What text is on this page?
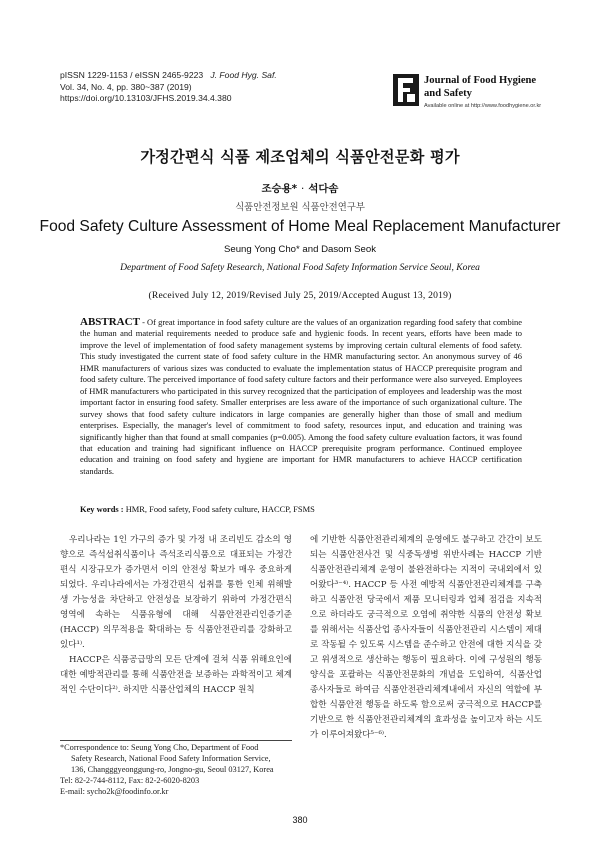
pISSN 1229-1153 / eISSN 2465-9223 J. Food Hyg. Saf.
Vol. 34, No. 4, pp. 380~387 (2019)
https://doi.org/10.13103/JFHS.2019.34.4.380
Journal of Food Hygiene
and Safety
Available online at http://www.foodhygiene.or.kr
가정간편식 식품 제조업체의 식품안전문화 평가
조승용* · 석다솜
식품안전정보원 식품안전연구부
Food Safety Culture Assessment of Home Meal Replacement Manufacturer
Seung Yong Cho* and Dasom Seok
Department of Food Safety Research, National Food Safety Information Service Seoul, Korea
(Received July 12, 2019/Revised July 25, 2019/Accepted August 13, 2019)
ABSTRACT - Of great importance in food safety culture are the values of an organization regarding food safety that combine the human and material requirements needed to produce safe and hygienic foods. In recent years, efforts have been made to improve the level of implementation of food safety management systems by improving certain cultural elements of food safety. This study investigated the current state of food safety culture in the HMR manufacturing sector. An anonymous survey of 46 HMR manufacturers of various sizes was conducted to evaluate the implementation status of HACCP prerequisite program and food safety culture. The perceived importance of food safety culture factors and their performance were also surveyed. Employees of HMR manufacturers who participated in this survey recognized that the participation of employees and leadership was the most important factor in ensuring food safety. Smaller enterprises are less aware of the importance of such organizational culture. The survey shows that food safety culture indicators in large companies are generally higher than those of small and medium enterprises. Especially, the manager's level of commitment to food safety, resources input, and education and training was significantly higher than that found at small companies (p=0.005). Among the food safety culture evaluation factors, it was found that education and training had significant influence on HACCP prerequisite program performance. Continued employee education and training on food safety and hygiene are important for HMR manufacturers to achieve HACCP certification standards.
Key words : HMR, Food safety, Food safety culture, HACCP, FSMS

우리나라는 1인 가구의 증가 및 가정 내 조리빈도 감소의 영향으로 즉석섭취식품이나 즉석조리식품으로 대표되는 가정간편식 시장규모가 증가면서 이의 안전성 확보가 매우 중요하게 되었다. 우리나라에서는 가정간편식 섭취를 통한 인체 위해발생 가능성을 차단하고 안전성을 보장하기 위하여 가정간편식 영역에 속하는 식품유형에 대해 식품안전관리인증기준(HACCP) 의무적용을 확대하는 등 식품안전관리를 강화하고 있다¹⁾.

HACCP은 식품공급망의 모든 단계에 걸쳐 식품 위해요인에 대한 예방적관리를 통해 식품안전을 보증하는 과학적이고 체계적인 수단이다²⁾. 하지만 식품산업체의 HACCP 원칙

에 기반한 식품안전관리체계의 운영에도 불구하고 간간이 보도되는 식품안전사건 및 식중독생병 위반사례는 HACCP 기반 식품안전관리체계 운영이 불완전하다는 지적이 국내외에서 있어왔다³⁻⁴⁾. HACCP 등 사전 예방적 식품안전관리체계를 구축하고 식품안전 당국에서 제품 모니터링과 업체 점검을 지속적으로 하더라도 궁극적으로 오염에 취약한 식품의 안전성 확보를 위해서는 식품산업 종사자들이 식품안전관리 시스템이 제대로 작동될 수 있도록 시스템을 준수하고 안전에 대한 지식을 갖고 위생적으로 생산하는 행동이 필요하다. 이에 구성원의 행동양식을 포괄하는 식품안전문화의 개념을 도입하여, 식품산업 종사자들로 하여금 식품안전관리체계내에서 자신의 역할에 부합한 식품안전 행동을 하도록 함으로써 궁극적으로 HACCP를 기반으로 한 식품안전관리체계의 효과성을 높이고자 하는 시도가 이루어져왔다⁵⁻⁶⁾.

*Correspondence to: Seung Yong Cho, Department of Food
Safety Research, National Food Safety Information Service,
136, Changggyeonggung-ro, Jongno-gu, Seoul 03127, Korea
Tel: 82-2-744-8112, Fax: 82-2-6020-8203
E-mail: sycho2k@foodinfo.or.kr
380
